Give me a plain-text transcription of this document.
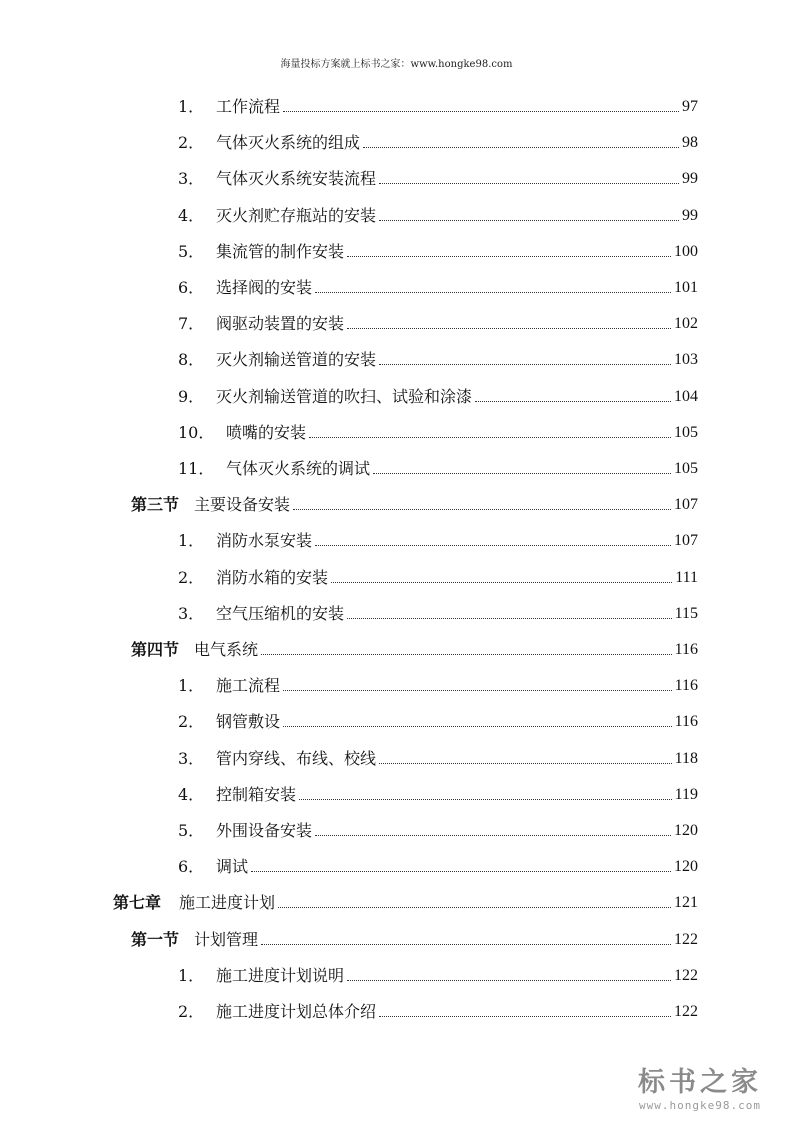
海量投标方案就上标书之家：www.hongke98.com
1． 工作流程	97
2． 气体灭火系统的组成	98
3． 气体灭火系统安装流程	99
4． 灭火剂贮存瓶站的安装	99
5． 集流管的制作安装	100
6． 选择阀的安装	101
7． 阀驱动装置的安装	102
8． 灭火剂输送管道的安装	103
9． 灭火剂输送管道的吹扫、试验和涂漆	104
10． 喷嘴的安装	105
11． 气体灭火系统的调试	105
第三节 主要设备安装	107
1． 消防水泵安装	107
2． 消防水箱的安装	111
3． 空气压缩机的安装	115
第四节 电气系统	116
1． 施工流程	116
2． 钢管敷设	116
3． 管内穿线、布线、校线	118
4． 控制箱安装	119
5． 外围设备安装	120
6． 调试	120
第七章	施工进度计划	121
第一节 计划管理	122
1． 施工进度计划说明	122
2． 施工进度计划总体介绍	122
标书之家
www.hongke98.com
